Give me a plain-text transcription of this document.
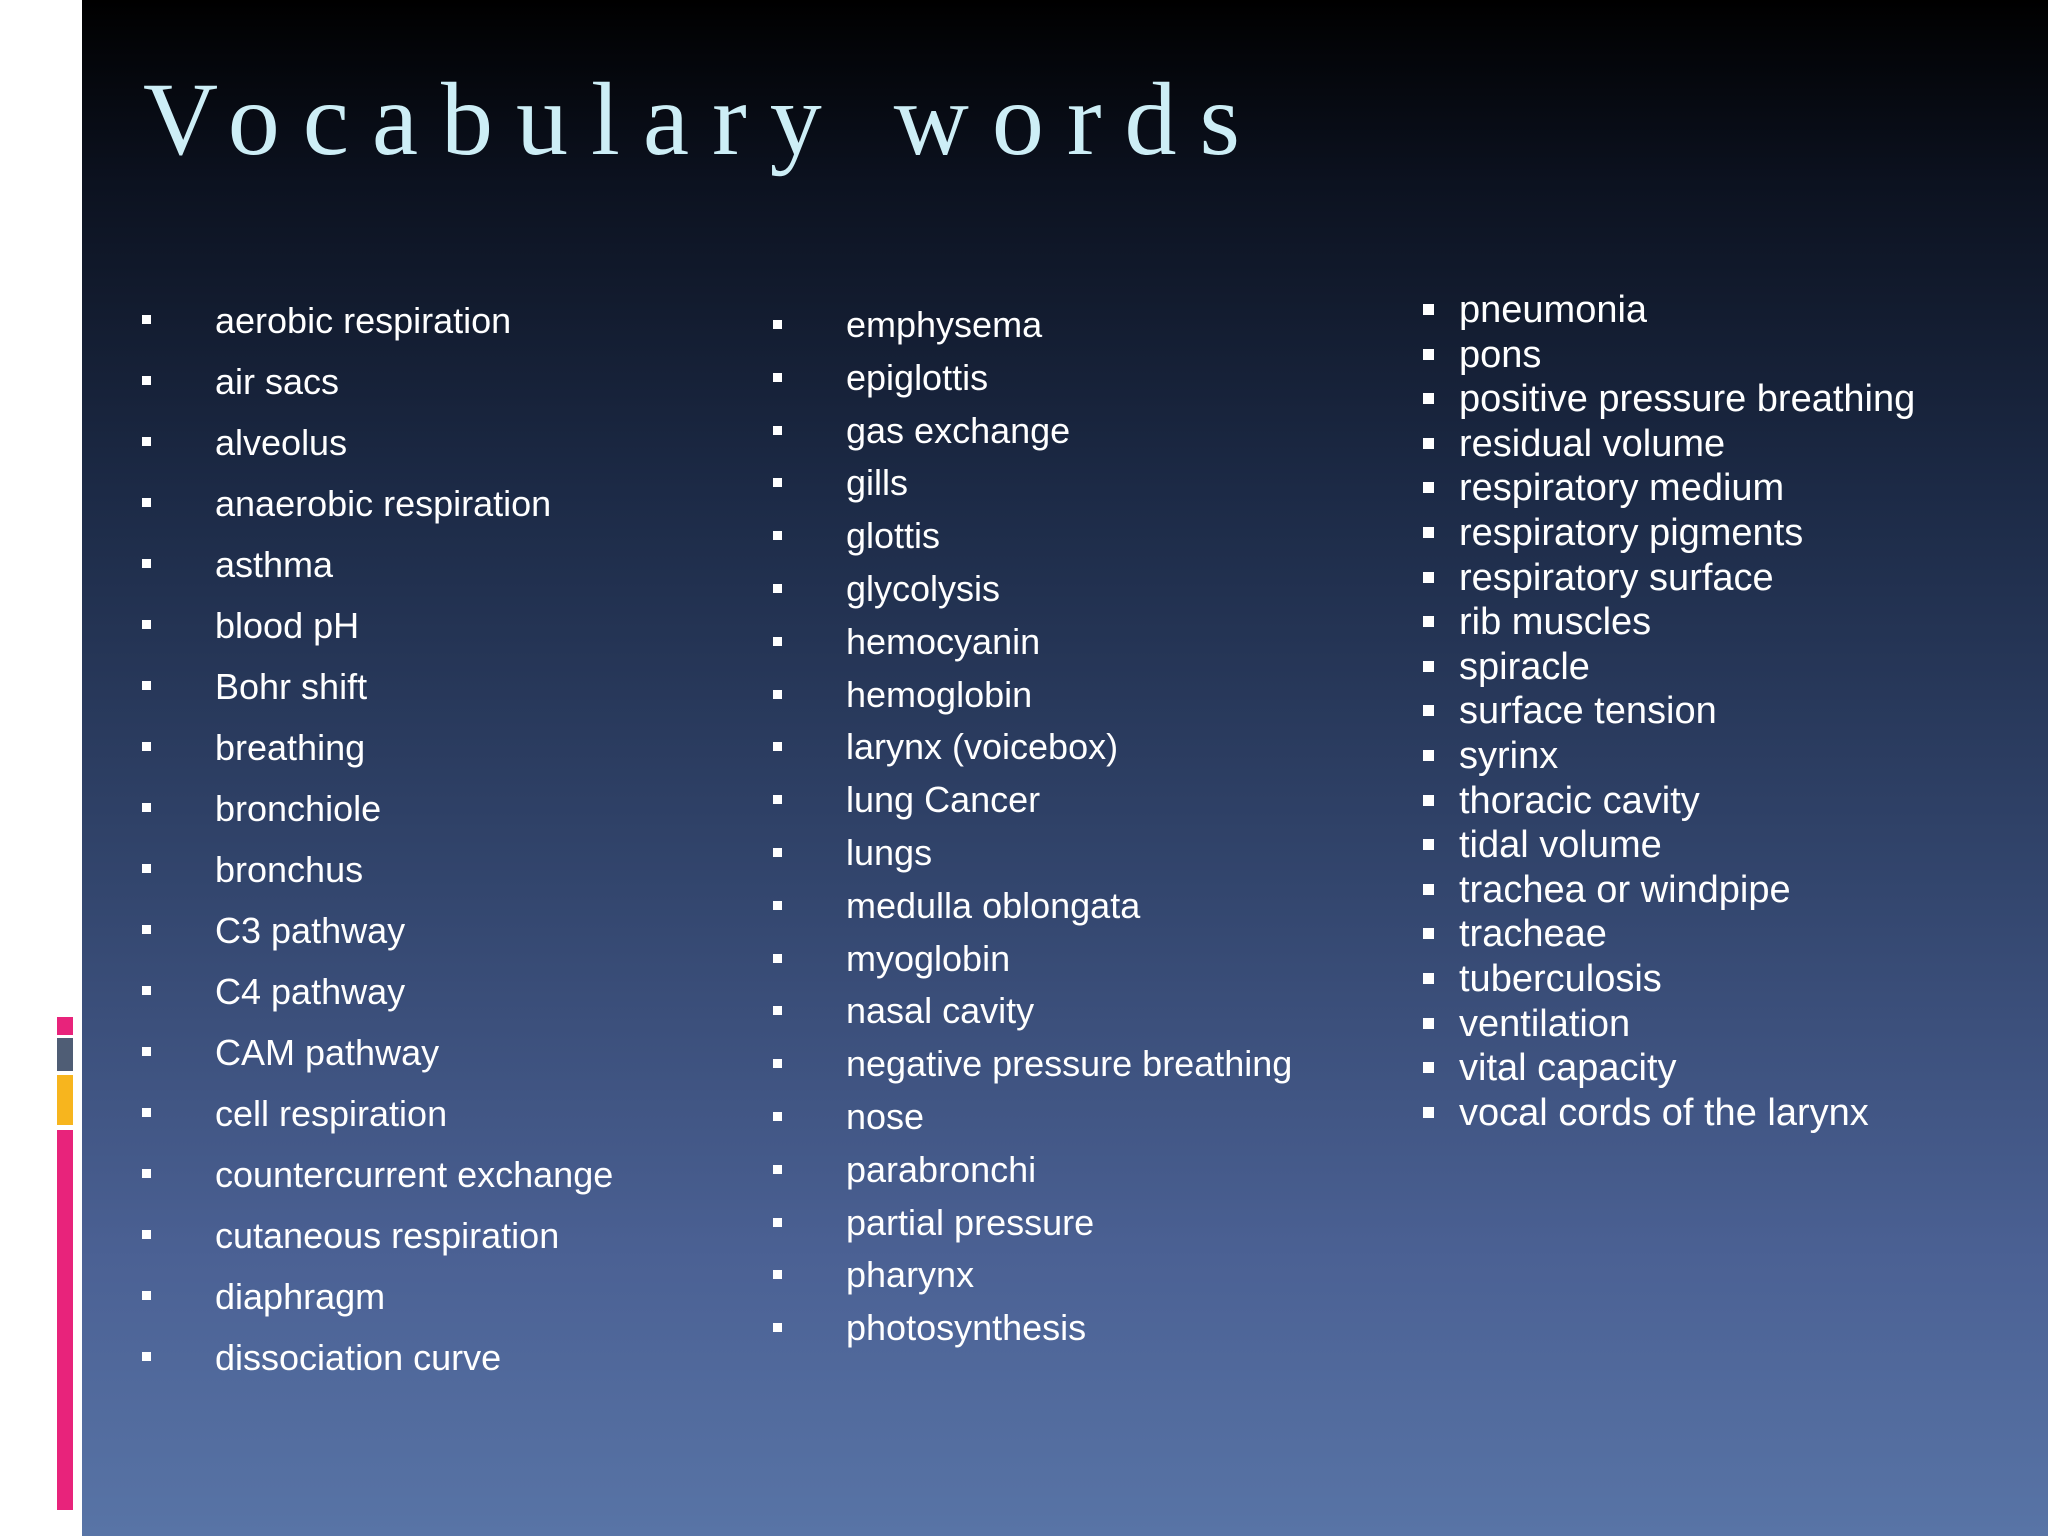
Vocabulary words
aerobic respiration
air sacs
alveolus
anaerobic respiration
asthma
blood pH
Bohr shift
breathing
bronchiole
bronchus
C3 pathway
C4 pathway
CAM pathway
cell respiration
countercurrent exchange
cutaneous respiration
diaphragm
dissociation curve
emphysema
epiglottis
gas exchange
gills
glottis
glycolysis
hemocyanin
hemoglobin
larynx (voicebox)
lung Cancer
lungs
medulla oblongata
myoglobin
nasal cavity
negative pressure breathing
nose
parabronchi
partial pressure
pharynx
photosynthesis
pneumonia
pons
positive pressure breathing
residual volume
respiratory medium
respiratory pigments
respiratory surface
rib muscles
spiracle
surface tension
syrinx
thoracic cavity
tidal volume
trachea or windpipe
tracheae
tuberculosis
ventilation
vital capacity
vocal cords of the larynx
